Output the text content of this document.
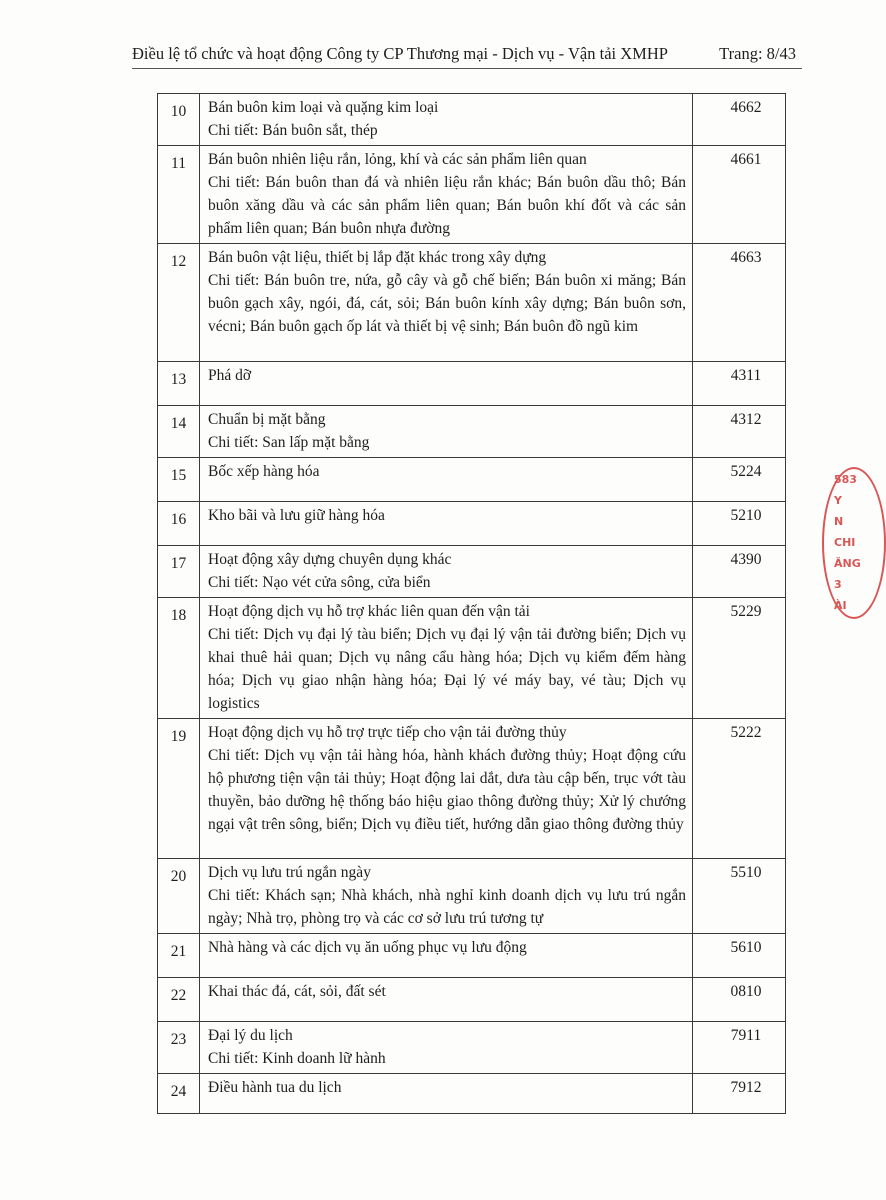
Điều lệ tổ chức và hoạt động Công ty CP Thương mại - Dịch vụ - Vận tải XMHP	Trang: 8/43
10	Bán buôn kim loại và quặng kim loại
Chi tiết: Bán buôn sắt, thép	4662
11	Bán buôn nhiên liệu rắn, lỏng, khí và các sản phẩm liên quan
Chi tiết: Bán buôn than đá và nhiên liệu rắn khác; Bán buôn dầu thô; Bán buôn xăng dầu và các sản phẩm liên quan; Bán buôn khí đốt và các sản phẩm liên quan; Bán buôn nhựa đường	4661
12	Bán buôn vật liệu, thiết bị lắp đặt khác trong xây dựng
Chi tiết: Bán buôn tre, nứa, gỗ cây và gỗ chế biến; Bán buôn xi măng; Bán buôn gạch xây, ngói, đá, cát, sỏi; Bán buôn kính xây dựng; Bán buôn sơn, vécni; Bán buôn gạch ốp lát và thiết bị vệ sinh; Bán buôn đồ ngũ kim	4663
13	Phá dỡ	4311
14	Chuẩn bị mặt bằng
Chi tiết: San lấp mặt bằng	4312
15	Bốc xếp hàng hóa	5224
16	Kho bãi và lưu giữ hàng hóa	5210
17	Hoạt động xây dựng chuyên dụng khác
Chi tiết: Nạo vét cửa sông, cửa biển	4390
18	Hoạt động dịch vụ hỗ trợ khác liên quan đến vận tải
Chi tiết: Dịch vụ đại lý tàu biển; Dịch vụ đại lý vận tải đường biển; Dịch vụ khai thuê hải quan; Dịch vụ nâng cẩu hàng hóa; Dịch vụ kiểm đếm hàng hóa; Dịch vụ giao nhận hàng hóa; Đại lý vé máy bay, vé tàu; Dịch vụ logistics	5229
19	Hoạt động dịch vụ hỗ trợ trực tiếp cho vận tải đường thủy
Chi tiết: Dịch vụ vận tải hàng hóa, hành khách đường thủy; Hoạt động cứu hộ phương tiện vận tải thủy; Hoạt động lai dắt, dưa tàu cập bến, trục vớt tàu thuyền, bảo dưỡng hệ thống báo hiệu giao thông đường thủy; Xử lý chướng ngại vật trên sông, biển; Dịch vụ điều tiết, hướng dẫn giao thông đường thủy	5222
20	Dịch vụ lưu trú ngắn ngày
Chi tiết: Khách sạn; Nhà khách, nhà nghỉ kinh doanh dịch vụ lưu trú ngắn ngày; Nhà trọ, phòng trọ và các cơ sở lưu trú tương tự	5510
21	Nhà hàng và các dịch vụ ăn uống phục vụ lưu động	5610
22	Khai thác đá, cát, sỏi, đất sét	0810
23	Đại lý du lịch
Chi tiết: Kinh doanh lữ hành	7911
24	Điều hành tua du lịch	7912
583
Y
N
CHI
ĂNG
3
ÀI
